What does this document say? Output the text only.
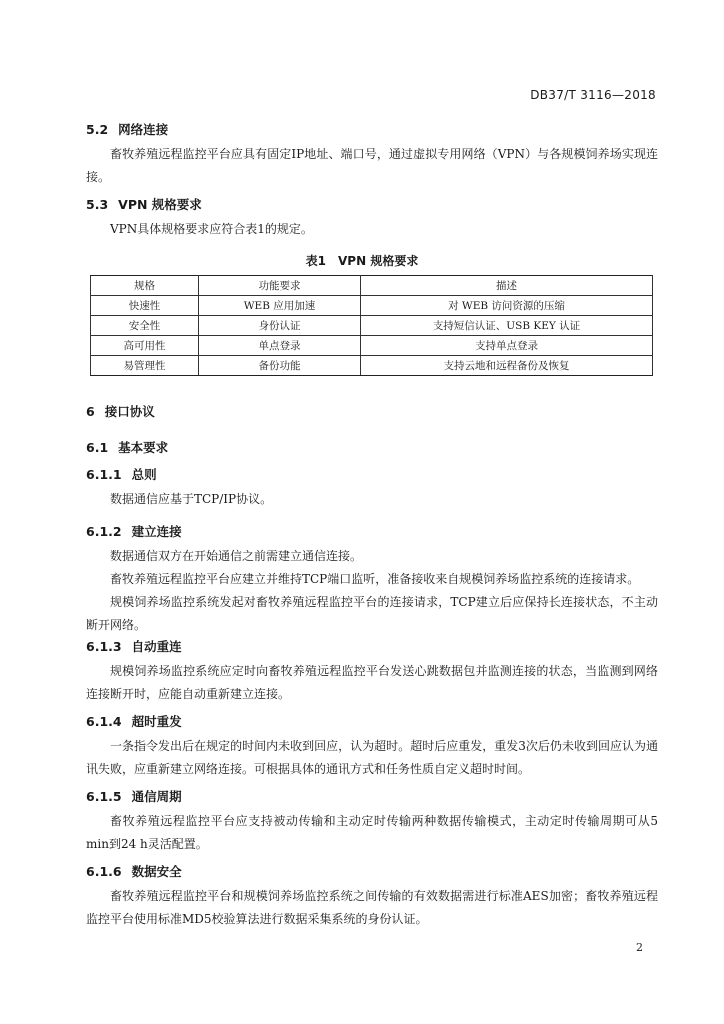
DB37/T 3116—2018
5.2 网络连接
畜牧养殖远程监控平台应具有固定IP地址、端口号，通过虚拟专用网络（VPN）与各规模饲养场实现连接。
5.3 VPN 规格要求
VPN具体规格要求应符合表1的规定。
表1　VPN 规格要求
规格	功能要求	描述
快速性	WEB 应用加速	对 WEB 访问资源的压缩
安全性	身份认证	支持短信认证、USB KEY 认证
高可用性	单点登录	支持单点登录
易管理性	备份功能	支持云地和远程备份及恢复
6 接口协议
6.1 基本要求
6.1.1 总则
数据通信应基于TCP/IP协议。
6.1.2 建立连接
数据通信双方在开始通信之前需建立通信连接。
畜牧养殖远程监控平台应建立并维持TCP端口监听，准备接收来自规模饲养场监控系统的连接请求。
规模饲养场监控系统发起对畜牧养殖远程监控平台的连接请求，TCP建立后应保持长连接状态，不主动断开网络。
6.1.3 自动重连
规模饲养场监控系统应定时向畜牧养殖远程监控平台发送心跳数据包并监测连接的状态，当监测到网络连接断开时，应能自动重新建立连接。
6.1.4 超时重发
一条指令发出后在规定的时间内未收到回应，认为超时。超时后应重发，重发3次后仍未收到回应认为通讯失败，应重新建立网络连接。可根据具体的通讯方式和任务性质自定义超时时间。
6.1.5 通信周期
畜牧养殖远程监控平台应支持被动传输和主动定时传输两种数据传输模式，主动定时传输周期可从5 min到24 h灵活配置。
6.1.6 数据安全
畜牧养殖远程监控平台和规模饲养场监控系统之间传输的有效数据需进行标准AES加密；畜牧养殖远程监控平台使用标准MD5校验算法进行数据采集系统的身份认证。
2
